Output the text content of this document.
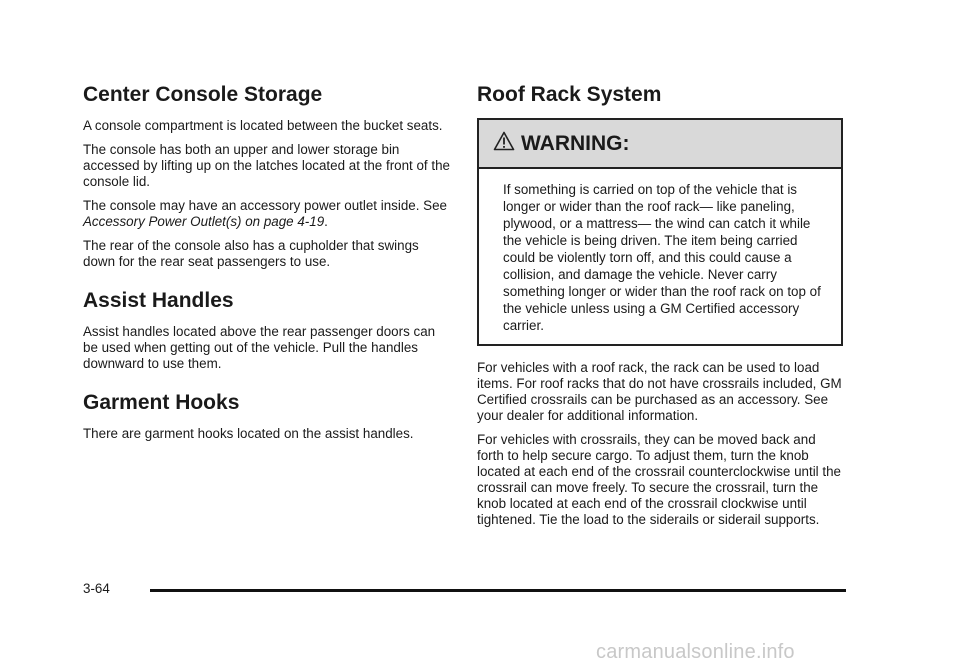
Center Console Storage

A console compartment is located between the bucket seats.

The console has both an upper and lower storage bin accessed by lifting up on the latches located at the front of the console lid.

The console may have an accessory power outlet inside. See Accessory Power Outlet(s) on page 4-19.

The rear of the console also has a cupholder that swings down for the rear seat passengers to use.

Assist Handles

Assist handles located above the rear passenger doors can be used when getting out of the vehicle. Pull the handles downward to use them.

Garment Hooks

There are garment hooks located on the assist handles.

Roof Rack System
WARNING:

If something is carried on top of the vehicle that is longer or wider than the roof rack— like paneling, plywood, or a mattress— the wind can catch it while the vehicle is being driven. The item being carried could be violently torn off, and this could cause a collision, and damage the vehicle. Never carry something longer or wider than the roof rack on top of the vehicle unless using a GM Certified accessory carrier.

For vehicles with a roof rack, the rack can be used to load items. For roof racks that do not have crossrails included, GM Certified crossrails can be purchased as an accessory. See your dealer for additional information.

For vehicles with crossrails, they can be moved back and forth to help secure cargo. To adjust them, turn the knob located at each end of the crossrail counterclockwise until the crossrail can move freely. To secure the crossrail, turn the knob located at each end of the crossrail clockwise until tightened. Tie the load to the siderails or siderail supports.

3-64
carmanualsonline.info
